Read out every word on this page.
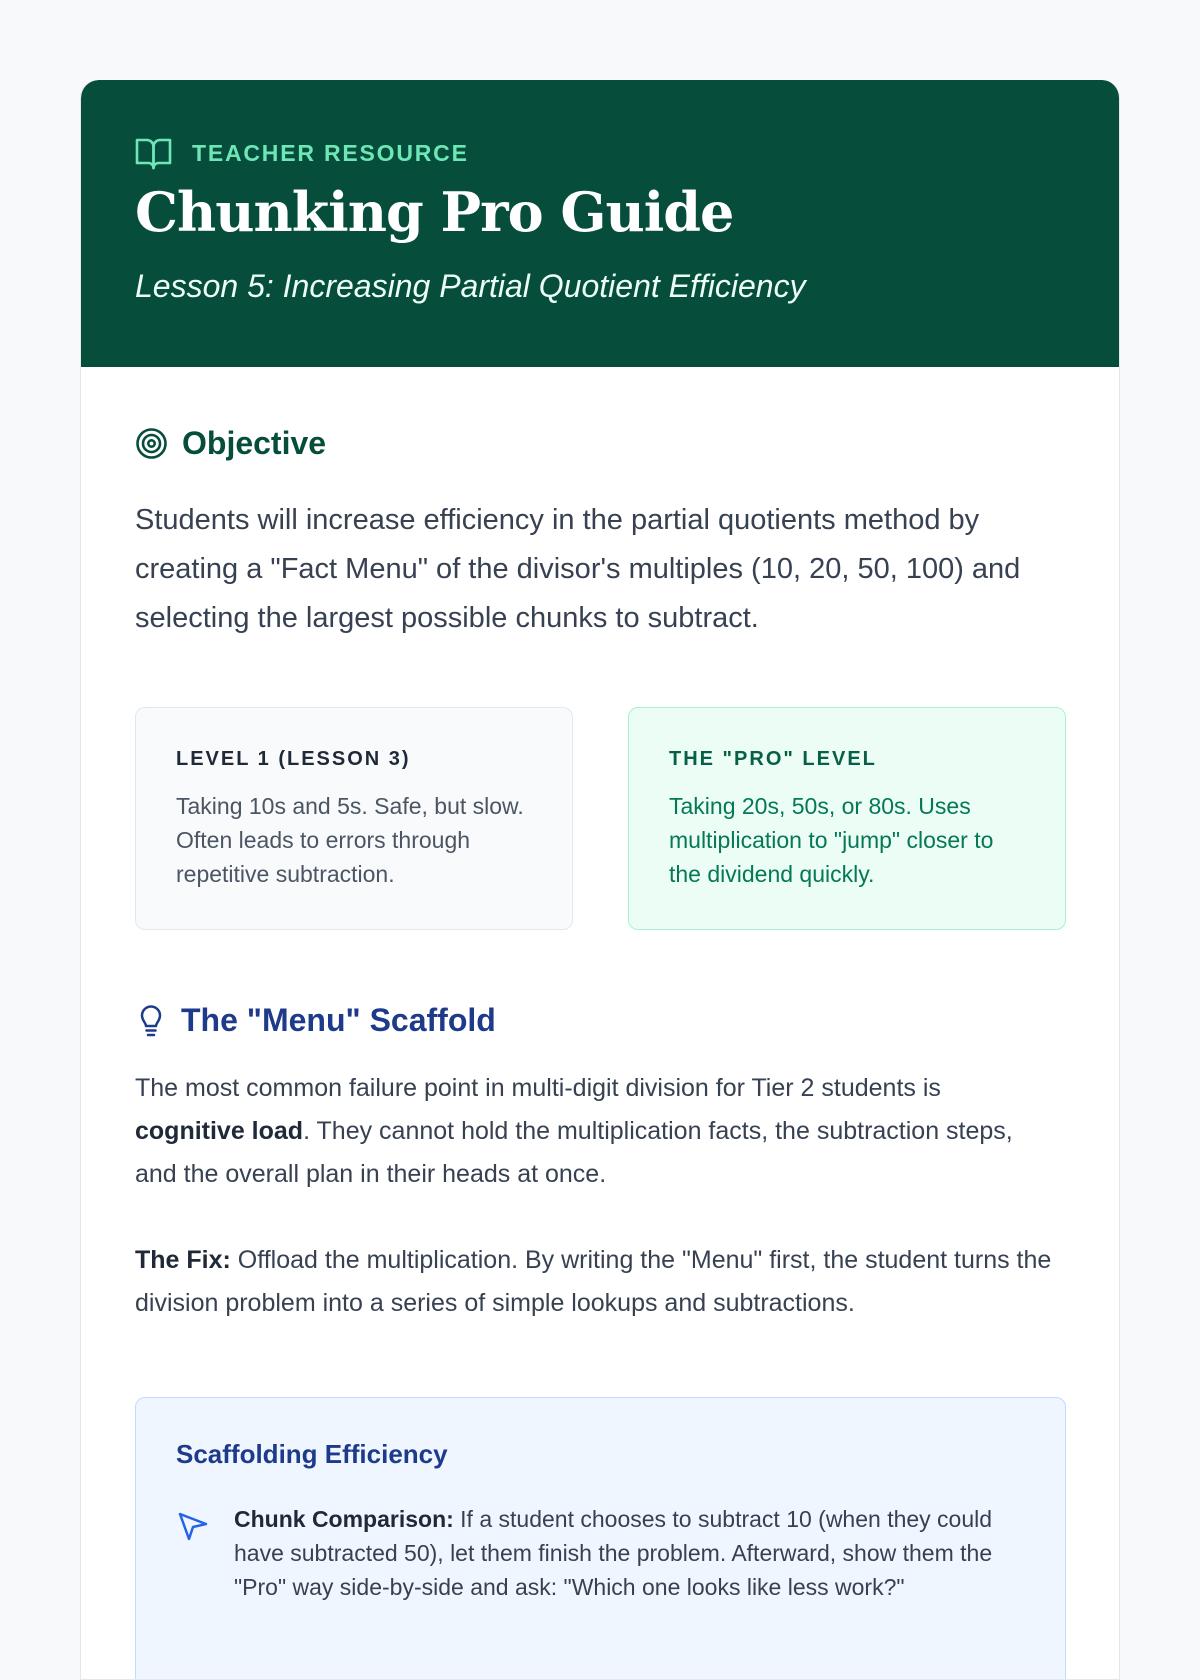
TEACHER RESOURCE
Chunking Pro Guide

Lesson 5: Increasing Partial Quotient Efficiency

Objective

Students will increase efficiency in the partial quotients method by creating a "Fact Menu" of the divisor's multiples (10, 20, 50, 100) and selecting the largest possible chunks to subtract.

LEVEL 1 (LESSON 3)

Taking 10s and 5s. Safe, but slow. Often leads to errors through repetitive subtraction.

THE "PRO" LEVEL

Taking 20s, 50s, or 80s. Uses multiplication to "jump" closer to the dividend quickly.

The "Menu" Scaffold

The most common failure point in multi-digit division for Tier 2 students is cognitive load. They cannot hold the multiplication facts, the subtraction steps, and the overall plan in their heads at once.

The Fix: Offload the multiplication. By writing the "Menu" first, the student turns the division problem into a series of simple lookups and subtractions.

Scaffolding Efficiency

Chunk Comparison: If a student chooses to subtract 10 (when they could have subtracted 50), let them finish the problem. Afterward, show them the "Pro" way side-by-side and ask: "Which one looks like less work?"
